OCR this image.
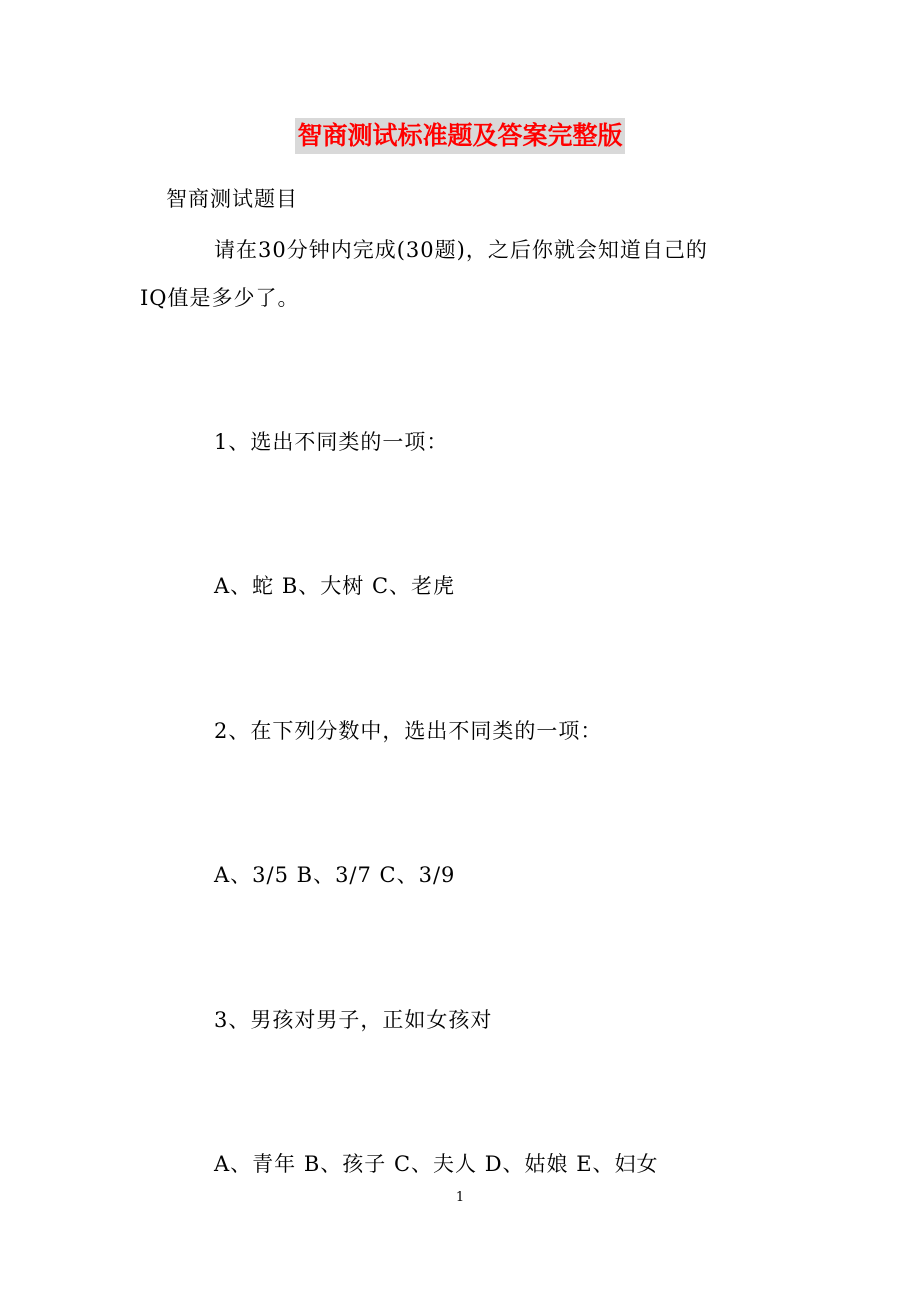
智商测试标准题及答案完整版
智商测试题目
请在30分钟内完成(30题)，之后你就会知道自己的
IQ值是多少了。
1、选出不同类的一项：
A、蛇 B、大树 C、老虎
2、在下列分数中，选出不同类的一项：
A、3/5 B、3/7 C、3/9
3、男孩对男子，正如女孩对
A、青年 B、孩子 C、夫人 D、姑娘 E、妇女
1
